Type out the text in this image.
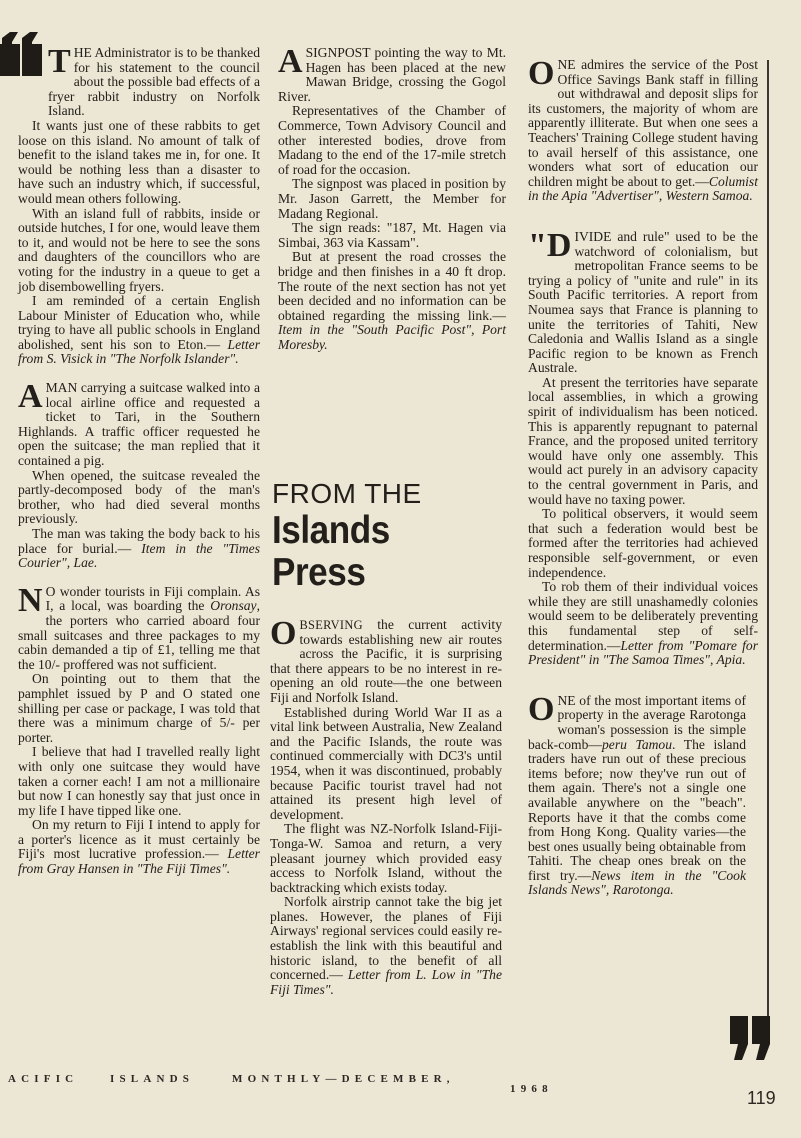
THE Administrator is to be thanked for his statement to the council about the possible bad effects of a fryer rabbit industry on Norfolk Island.

It wants just one of these rabbits to get loose on this island. No amount of talk of benefit to the island takes me in, for one. It would be nothing less than a disaster to have such an industry which, if successful, would mean others following.

With an island full of rabbits, inside or outside hutches, I for one, would leave them to it, and would not be here to see the sons and daughters of the councillors who are voting for the industry in a queue to get a job disembowelling fryers.

I am reminded of a certain English Labour Minister of Education who, while trying to have all public schools in England abolished, sent his son to Eton.— Letter from S. Visick in "The Norfolk Islander".

AMAN carrying a suitcase walked into a local airline office and requested a ticket to Tari, in the Southern Highlands. A traffic officer requested he open the suitcase; the man replied that it contained a pig.

When opened, the suitcase revealed the partly-decomposed body of the man's brother, who had died several months previously.

The man was taking the body back to his place for burial.— Item in the "Times Courier", Lae.

N O wonder tourists in Fiji complain. As I, a local, was boarding the Oronsay, the porters who carried aboard four small suitcases and three packages to my cabin demanded a tip of £1, telling me that the 10/- proffered was not sufficient.

On pointing out to them that the pamphlet issued by P and O stated one shilling per case or package, I was told that there was a minimum charge of 5/- per porter.

I believe that had I travelled really light with only one suitcase they would have taken a corner each! I am not a millionaire but now I can honestly say that just once in my life I have tipped like one.

On my return to Fiji I intend to apply for a porter's licence as it must certainly be Fiji's most lucrative profession.— Letter from Gray Hansen in "The Fiji Times".

ASIGNPOST pointing the way to Mt. Hagen has been placed at the new Mawan Bridge, crossing the Gogol River.

Representatives of the Chamber of Commerce, Town Advisory Council and other interested bodies, drove from Madang to the end of the 17-mile stretch of road for the occasion.

The signpost was placed in position by Mr. Jason Garrett, the Member for Madang Regional.

The sign reads: "187, Mt. Hagen via Simbai, 363 via Kassam".

But at present the road crosses the bridge and then finishes in a 40 ft drop. The route of the next section has not yet been decided and no information can be obtained regarding the missing link.— Item in the "South Pacific Post", Port Moresby.

FROM THE
Islands Press

OBSERVING the current activity towards establishing new air routes across the Pacific, it is surprising that there appears to be no interest in re-opening an old route—the one between Fiji and Norfolk Island.

Established during World War II as a vital link between Australia, New Zealand and the Pacific Islands, the route was continued commercially with DC3's until 1954, when it was discontinued, probably because Pacific tourist travel had not attained its present high level of development.

The flight was NZ-Norfolk Island-Fiji-Tonga-W. Samoa and return, a very pleasant journey which provided easy access to Norfolk Island, without the backtracking which exists today.

Norfolk airstrip cannot take the big jet planes. However, the planes of Fiji Airways' regional services could easily re-establish the link with this beautiful and historic island, to the benefit of all concerned.— Letter from L. Low in "The Fiji Times".

ONE admires the service of the Post Office Savings Bank staff in filling out withdrawal and deposit slips for its customers, the majority of whom are apparently illiterate. But when one sees a Teachers' Training College student having to avail herself of this assistance, one wonders what sort of education our children might be about to get.—Columist in the Apia "Advertiser", Western Samoa.

"DIVIDE and rule" used to be the watchword of colonialism, but metropolitan France seems to be trying a policy of "unite and rule" in its South Pacific territories. A report from Noumea says that France is planning to unite the territories of Tahiti, New Caledonia and Wallis Island as a single Pacific region to be known as French Australe.

At present the territories have separate local assemblies, in which a growing spirit of individualism has been noticed. This is apparently repugnant to paternal France, and the proposed united territory would have only one assembly. This would act purely in an advisory capacity to the central government in Paris, and would have no taxing power.

To political observers, it would seem that such a federation would best be formed after the territories had achieved responsible self-government, or even independence.

To rob them of their individual voices while they are still unashamedly colonies would seem to be deliberately preventing this fundamental step of self-determination.—Letter from "Pomare for President" in "The Samoa Times", Apia.

ONE of the most important items of property in the average Rarotonga woman's possession is the simple back-comb—peru Tamou. The island traders have run out of these precious items before; now they've run out of them again. There's not a single one available anywhere on the "beach". Reports have it that the combs come from Hong Kong. Quality varies—the best ones usually being obtainable from Tahiti. The cheap ones break on the first try.—News item in the "Cook Islands News", Rarotonga.

ACIFIC	ISLANDS	MONTHLY—DECEMBER,
1968	119
